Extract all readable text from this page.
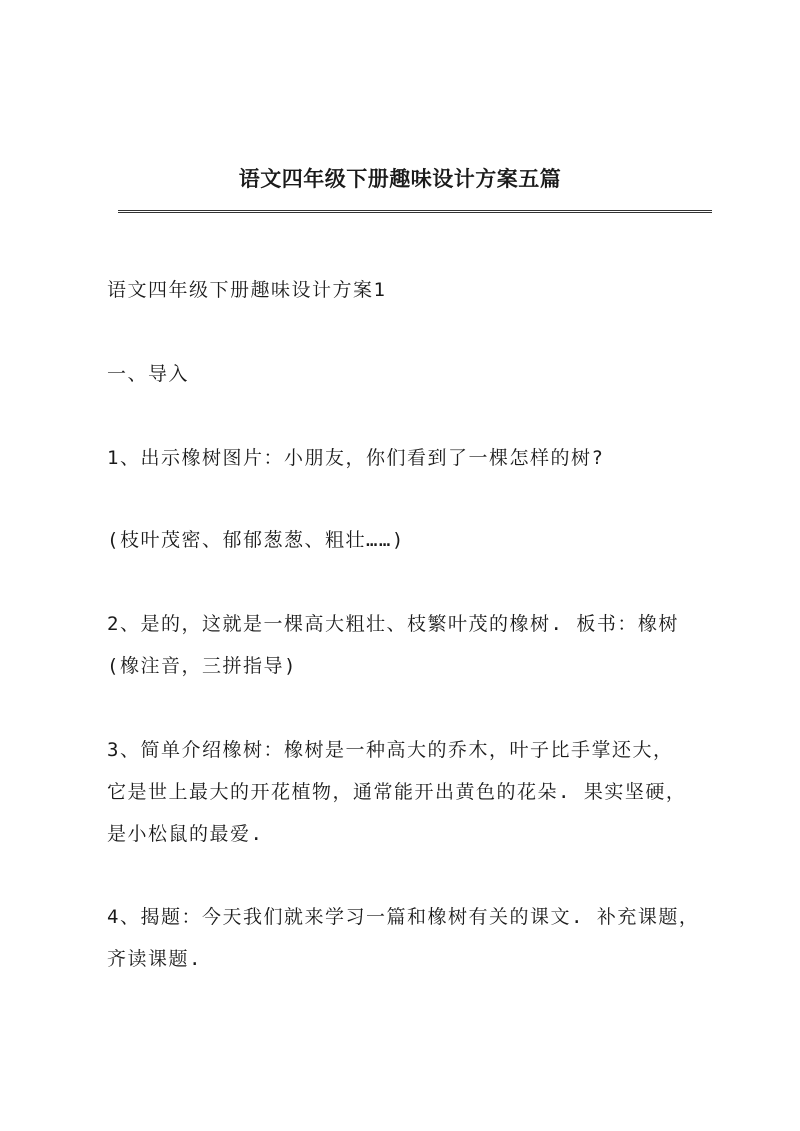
语文四年级下册趣味设计方案五篇
语文四年级下册趣味设计方案1
一、导入
1、出示橡树图片：小朋友，你们看到了一棵怎样的树?
(枝叶茂密、郁郁葱葱、粗壮……)
2、是的，这就是一棵高大粗壮、枝繁叶茂的橡树. 板书：橡树
(橡注音，三拼指导)
3、简单介绍橡树：橡树是一种高大的乔木，叶子比手掌还大，
它是世上最大的开花植物，通常能开出黄色的花朵. 果实坚硬，
是小松鼠的最爱.
4、揭题：今天我们就来学习一篇和橡树有关的课文. 补充课题，
齐读课题.
